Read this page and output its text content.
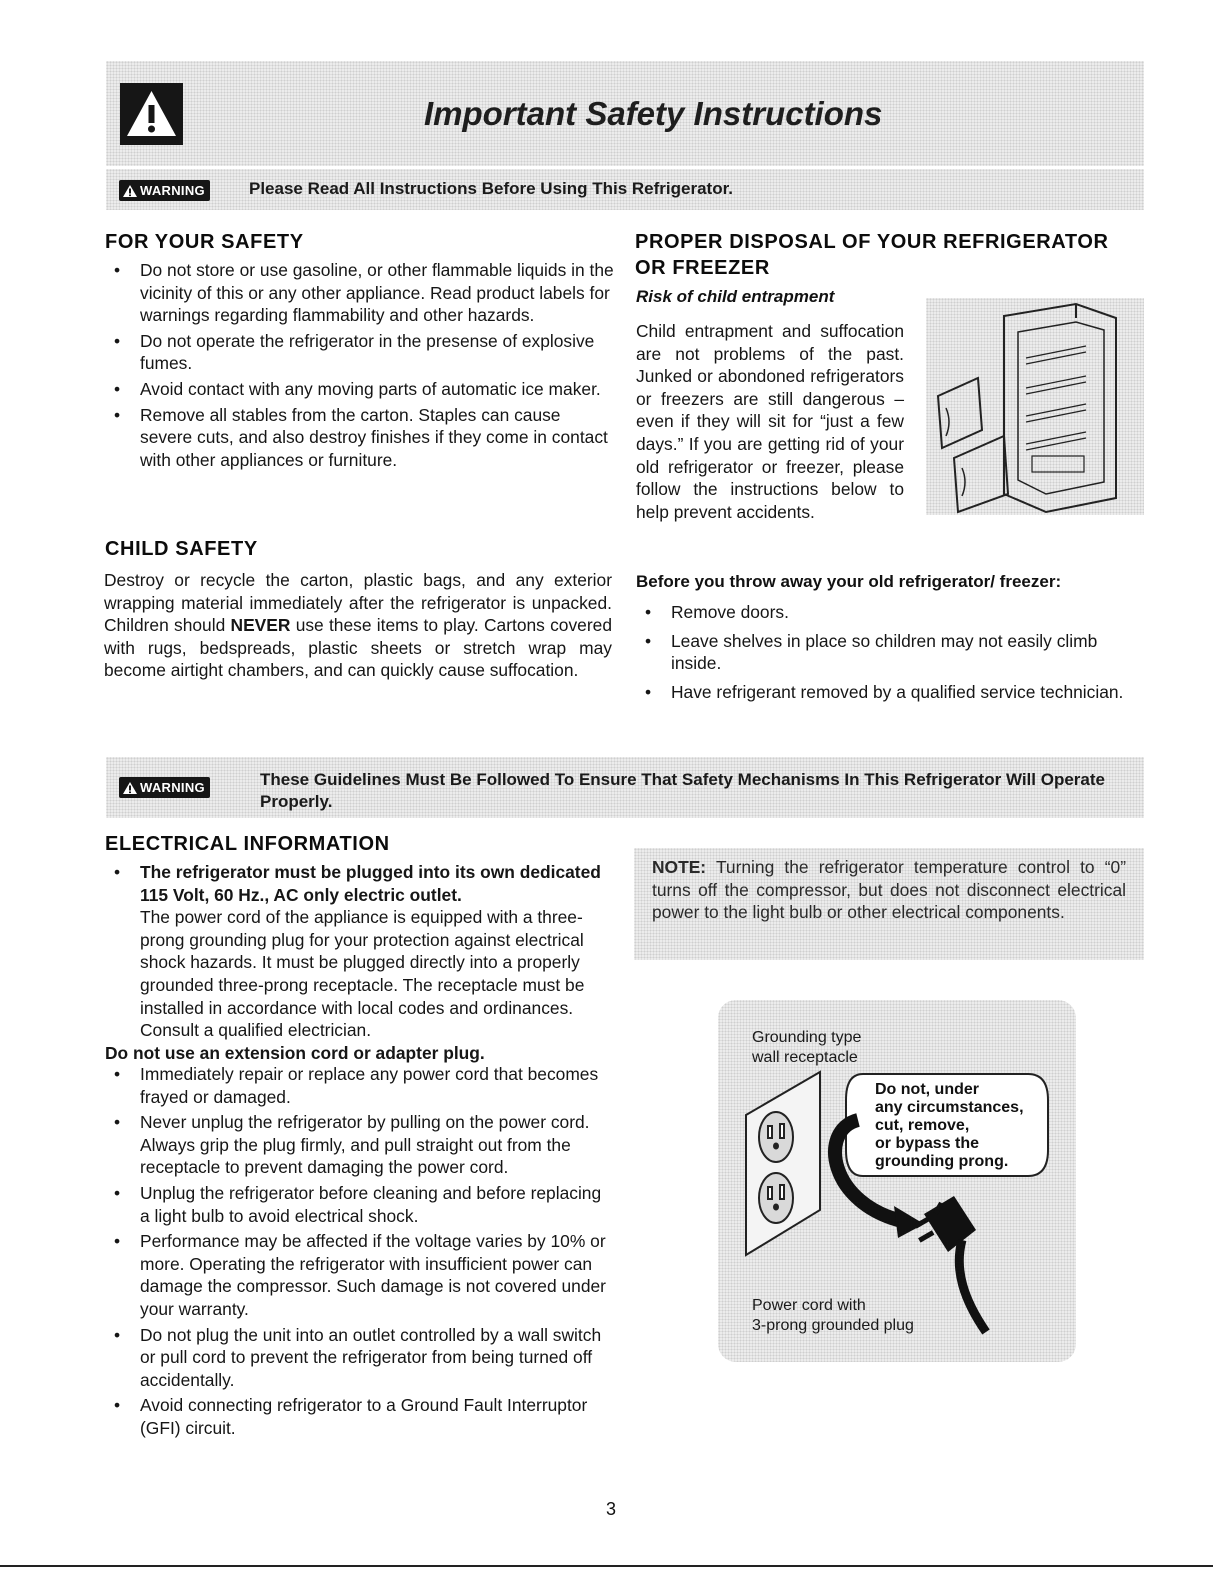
Important Safety Instructions
WARNING	Please Read All Instructions Before Using This Refrigerator.
FOR YOUR SAFETY
• Do not store or use gasoline, or other flammable liquids in the vicinity of this or any other appliance. Read product labels for warnings regarding flammability and other hazards.
• Do not operate the refrigerator in the presense of explosive fumes.
• Avoid contact with any moving parts of automatic ice maker.
• Remove all stables from the carton. Staples can cause severe cuts, and also destroy finishes if they come in contact with other appliances or furniture.
CHILD SAFETY

Destroy or recycle the carton, plastic bags, and any exterior wrapping material immediately after the refrigerator is unpacked. Children should NEVER use these items to play. Cartons covered with rugs, bedspreads, plastic sheets or stretch wrap may become airtight chambers, and can quickly cause suffocation.

PROPER DISPOSAL OF YOUR REFRIGERATOR OR FREEZER
Risk of child entrapment

Child entrapment and suffocation are not problems of the past. Junked or abondoned refrigerators or freezers are still dangerous – even if they will sit for “just a few days.” If you are getting rid of your old refrigerator or freezer, please follow the instructions below to help prevent accidents.

Before you throw away your old refrigerator/ freezer:
• Remove doors.
• Leave shelves in place so children may not easily climb inside.
• Have refrigerant removed by a qualified service technician.
WARNING	These Guidelines Must Be Followed To Ensure That Safety Mechanisms In This Refrigerator Will Operate Properly.
ELECTRICAL INFORMATION
• The refrigerator must be plugged into its own dedicated 115 Volt, 60 Hz., AC only electric outlet.
The power cord of the appliance is equipped with a three-prong grounding plug for your protection against electrical shock hazards. It must be plugged directly into a properly grounded three-prong receptacle. The receptacle must be installed in accordance with local codes and ordinances. Consult a qualified electrician.
Do not use an extension cord or adapter plug.
• Immediately repair or replace any power cord that becomes frayed or damaged.
• Never unplug the refrigerator by pulling on the power cord. Always grip the plug firmly, and pull straight out from the receptacle to prevent damaging the power cord.
• Unplug the refrigerator before cleaning and before replacing a light bulb to avoid electrical shock.
• Performance may be affected if the voltage varies by 10% or more. Operating the refrigerator with insufficient power can damage the compressor. Such damage is not covered under your warranty.
• Do not plug the unit into an outlet controlled by a wall switch or pull cord to prevent the refrigerator from being turned off accidentally.
• Avoid connecting refrigerator to a Ground Fault Interruptor (GFI) circuit.

NOTE: Turning the refrigerator temperature control to “0” turns off the compressor, but does not disconnect electrical power to the light bulb or other electrical components.

Grounding type
wall receptacle
Do not, under
any circumstances,
cut, remove,
or bypass the
grounding prong.
Power cord with
3-prong grounded plug
3
